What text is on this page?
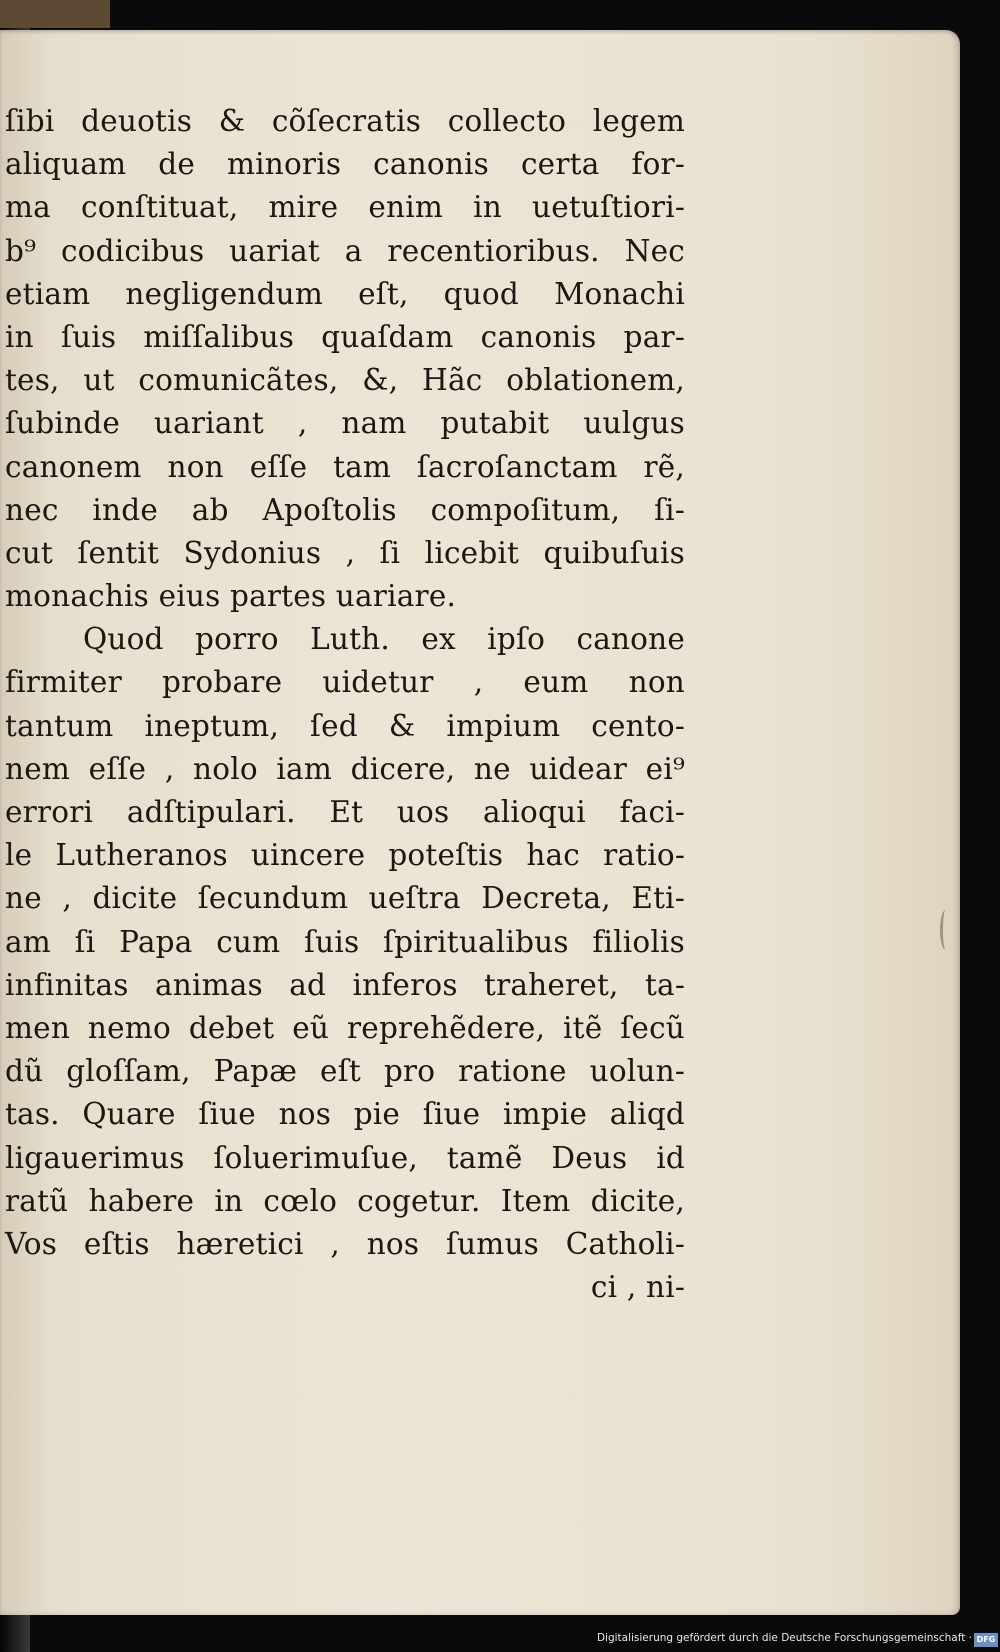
ſibi deuotis & cõſecratis collecto legem
aliquam de minoris canonis certa for-
ma conſtituat, mire enim in uetuſtiori-
b⁹ codicibus uariat a recentioribus. Nec
etiam negligendum eſt, quod Monachi
in ſuis miſſalibus quaſdam canonis par-
tes, ut comunicãtes, &, Hãc oblationem,
ſubinde uariant , nam putabit uulgus
canonem non eſſe tam ſacroſanctam rẽ,
nec inde ab Apoſtolis compoſitum, ſi-
cut ſentit Sydonius , ſi licebit quibuſuis
monachis eius partes uariare.
Quod porro Luth. ex ipſo canone
firmiter probare uidetur , eum non
tantum ineptum, ſed & impium cento-
nem eſſe , nolo iam dicere, ne uidear ei⁹
errori adſtipulari. Et uos alioqui faci-
le Lutheranos uincere poteſtis hac ratio-
ne , dicite ſecundum ueſtra Decreta, Eti-
am ſi Papa cum ſuis ſpiritualibus filiolis
infinitas animas ad inferos traheret, ta-
men nemo debet eũ reprehẽdere, itẽ ſecũ
dũ gloſſam, Papæ eſt pro ratione uolun-
tas. Quare ſiue nos pie ſiue impie aliqd
ligauerimus ſoluerimuſue, tamẽ Deus id
ratũ habere in cœlo cogetur. Item dicite,
Vos eſtis hæretici , nos ſumus Catholi-
ci , ni-
Digitalisierung gefördert durch die Deutsche Forschungsgemeinschaft · DFG
